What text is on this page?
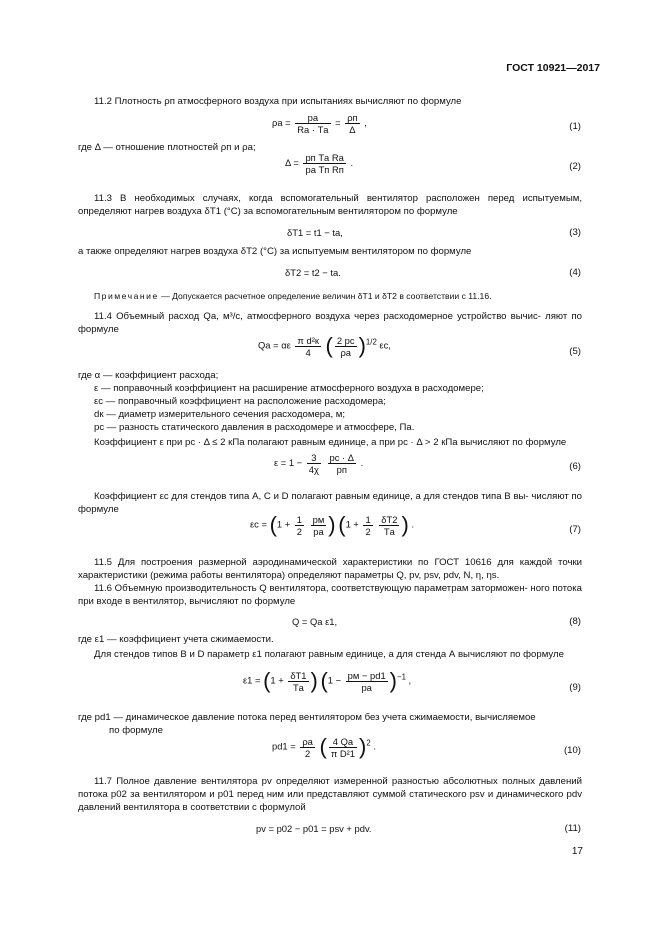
ГОСТ 10921—2017
11.2 Плотность ρп атмосферного воздуха при испытаниях вычисляют по формуле
$\rho а = \frac{pа}{Rа \cdot Tа} = \frac{\rho п}{\Delta}$ ,	(1)
где Δ — отношение плотностей ρп и ρа;
$\Delta = \frac{\text{pп Tа Rа}}{\text{pа Tп Rп}}$ .	(2)
11.3 В необходимых случаях, когда вспомогательный вентилятор расположен перед испытуемым, определяют нагрев воздуха δT1 (°С) за вспомогательным вентилятором по формуле
δT1 = t1 − tа,	(3)
а также определяют нагрев воздуха δT2 (°С) за испытуемым вентилятором по формуле
δT2 = t2 − tа.	(4)
Примечание — Допускается расчетное определение величин δT1 и δT2 в соответствии с 11.16.
11.4 Объемный расход Qа, м³/с, атмосферного воздуха через расходомерное устройство вычис- ляют по формуле
Qа = αε $\frac{\text{π d²к}}{4}$ ( $\frac{2 pс}{\rho а} )^{1/2}$ εс,
(5)
где α — коэффициент расхода;
ε — поправочный коэффициент на расширение атмосферного воздуха в расходомере;
εс — поправочный коэффициент на расположение расходомера;
dк — диаметр измерительного сечения расходомера, м;
pс — разность статического давления в расходомере и атмосфере, Па.
Коэффициент ε при pс · Δ ≤ 2 кПа полагают равным единице, а при pс · Δ > 2 кПа вычисляют по формуле
$\varepsilon = 1 - \frac{3}{4\chi}$
$\frac{pс \cdot \Delta}{pп}$ .	(6)
Коэффициент εс для стендов типа А, С и D полагают равным единице, а для стендов типа В вы- числяют по формуле
$\varepsilon с = (1 + \frac{1}{2}$
$\frac{pм}{pа}$ ) ($1 + \frac{1}{2}$
$\frac{\delta T2}{Tа}$ ) .
(7)
11.5 Для построения размерной аэродинамической характеристики по ГОСТ 10616 для каждой точки характеристики (режима работы вентилятора) определяют параметры Q, pv, psv, pdv, N, η, ηs.
11.6 Объемную производительность Q вентилятора, соответствующую параметрам заторможен- ного потока при входе в вентилятор, вычисляют по формуле
Q = Qа ε1,	(8)
где ε1 — коэффициент учета сжимаемости.
Для стендов типов В и D параметр ε1 полагают равным единице, а для стенда А вычисляют по формуле
$\varepsilon 1 = (1 + \frac{\delta T1}{Tа}$ ) $(1 - \frac{pм - pd1}{pа} )^{-1}$ ,
(9)
где pd1 — динамическое давление потока перед вентилятором без учета сжимаемости, вычисляемое
по формуле
$pd1 = \frac{\rho а}{2}$ ( $\frac{4 Qа}{\text{π D²1}} )^2$ .	(10)
11.7 Полное давление вентилятора pv определяют измеренной разностью абсолютных полных давлений потока p02 за вентилятором и p01 перед ним или представляют суммой статического psv и динамического pdv давлений вентилятора в соответствии с формулой
pv = p02 − p01 = psv + pdv.	(11)
17
